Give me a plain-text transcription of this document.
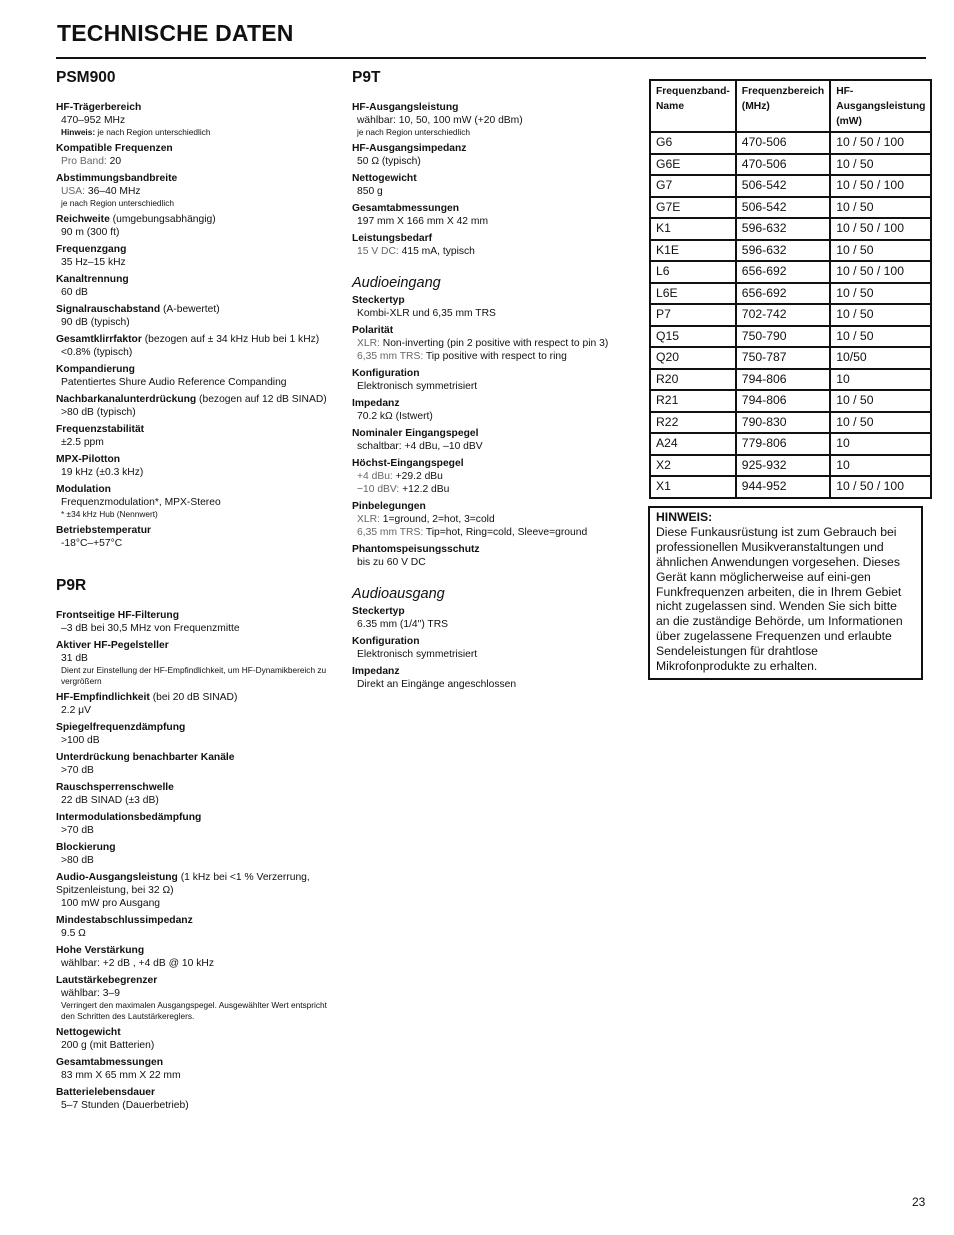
TECHNISCHE DATEN
PSM900
HF-Trägerbereich
470–952 MHz
Hinweis: je nach Region unterschiedlich
Kompatible Frequenzen
Pro Band: 20
Abstimmungsbandbreite
USA: 36–40 MHz
je nach Region unterschiedlich
Reichweite (umgebungsabhängig)
90 m (300 ft)
Frequenzgang
35 Hz–15 kHz
Kanaltrennung
60 dB
Signalrauschabstand (A-bewertet)
90 dB (typisch)
Gesamtklirrfaktor (bezogen auf ± 34 kHz Hub bei 1 kHz)
<0.8% (typisch)
Kompandierung
Patentiertes Shure Audio Reference Companding
Nachbarkanalunterdrückung (bezogen auf 12 dB SINAD)
>80 dB (typisch)
Frequenzstabilität
±2.5 ppm
MPX-Pilotton
19 kHz (±0.3 kHz)
Modulation
Frequenzmodulation*, MPX-Stereo
* ±34 kHz Hub (Nennwert)
Betriebstemperatur
-18°C–+57°C
P9R
Frontseitige HF-Filterung
–3 dB bei 30,5 MHz von Frequenzmitte
Aktiver HF-Pegelsteller
31 dB
Dient zur Einstellung der HF-Empfindlichkeit, um HF-Dynamikbereich zu vergrößern
HF-Empfindlichkeit (bei 20 dB SINAD)
2.2 μV
Spiegelfrequenzdämpfung
>100 dB
Unterdrückung benachbarter Kanäle
>70 dB
Rauschsperrenschwelle
22 dB SINAD (±3 dB)
Intermodulationsbedämpfung
>70 dB
Blockierung
>80 dB
Audio-Ausgangsleistung (1 kHz bei <1 % Verzerrung, Spitzenleistung, bei 32 Ω)
100 mW pro Ausgang
Mindestabschlussimpedanz
9.5 Ω
Hohe Verstärkung
wählbar: +2 dB , +4 dB @ 10 kHz
Lautstärkebegrenzer
wählbar: 3–9
Verringert den maximalen Ausgangspegel. Ausgewählter Wert entspricht den Schritten des Lautstärkereglers.
Nettogewicht
200 g (mit Batterien)
Gesamtabmessungen
83 mm X 65 mm X 22 mm
Batterielebensdauer
5–7 Stunden (Dauerbetrieb)
P9T
HF-Ausgangsleistung
wählbar: 10, 50, 100 mW (+20 dBm)
je nach Region unterschiedlich
HF-Ausgangsimpedanz
50 Ω (typisch)
Nettogewicht
850 g
Gesamtabmessungen
197 mm X 166 mm X 42 mm
Leistungsbedarf
15 V DC: 415 mA, typisch
Audioeingang
Steckertyp
Kombi-XLR und 6,35 mm TRS
Polarität
XLR: Non-inverting (pin 2 positive with respect to pin 3)
6,35 mm TRS: Tip positive with respect to ring
Konfiguration
Elektronisch symmetrisiert
Impedanz
70.2 kΩ (Istwert)
Nominaler Eingangspegel
schaltbar: +4 dBu, –10 dBV
Höchst-Eingangspegel
+4 dBu: +29.2 dBu
−10 dBV: +12.2 dBu
Pinbelegungen
XLR: 1=ground, 2=hot, 3=cold
6,35 mm TRS: Tip=hot, Ring=cold, Sleeve=ground
Phantomspeisungsschutz
bis zu 60 V DC
Audioausgang
Steckertyp
6.35 mm (1/4") TRS
Konfiguration
Elektronisch symmetrisiert
Impedanz
Direkt an Eingänge angeschlossen
Frequenzband-Name	Frequenzbereich (MHz)	HF-Ausgangsleistung (mW)
G6	470-506	10 / 50 / 100
G6E	470-506	10 / 50
G7	506-542	10 / 50 / 100
G7E	506-542	10 / 50
K1	596-632	10 / 50 / 100
K1E	596-632	10 / 50
L6	656-692	10 / 50 / 100
L6E	656-692	10 / 50
P7	702-742	10 / 50
Q15	750-790	10 / 50
Q20	750-787	10/50
R20	794-806	10
R21	794-806	10 / 50
R22	790-830	10 / 50
A24	779-806	10
X2	925-932	10
X1	944-952	10 / 50 / 100
HINWEIS:
Diese Funkausrüstung ist zum Gebrauch bei professionellen Musikveranstaltungen und ähnlichen Anwendungen vorgesehen. Dieses Gerät kann möglicherweise auf eini-gen Funkfrequenzen arbeiten, die in Ihrem Gebiet nicht zugelassen sind. Wenden Sie sich bitte an die zuständige Behörde, um Informationen über zugelassene Frequenzen und erlaubte Sendeleistungen für drahtlose Mikrofonprodukte zu erhalten.
23
